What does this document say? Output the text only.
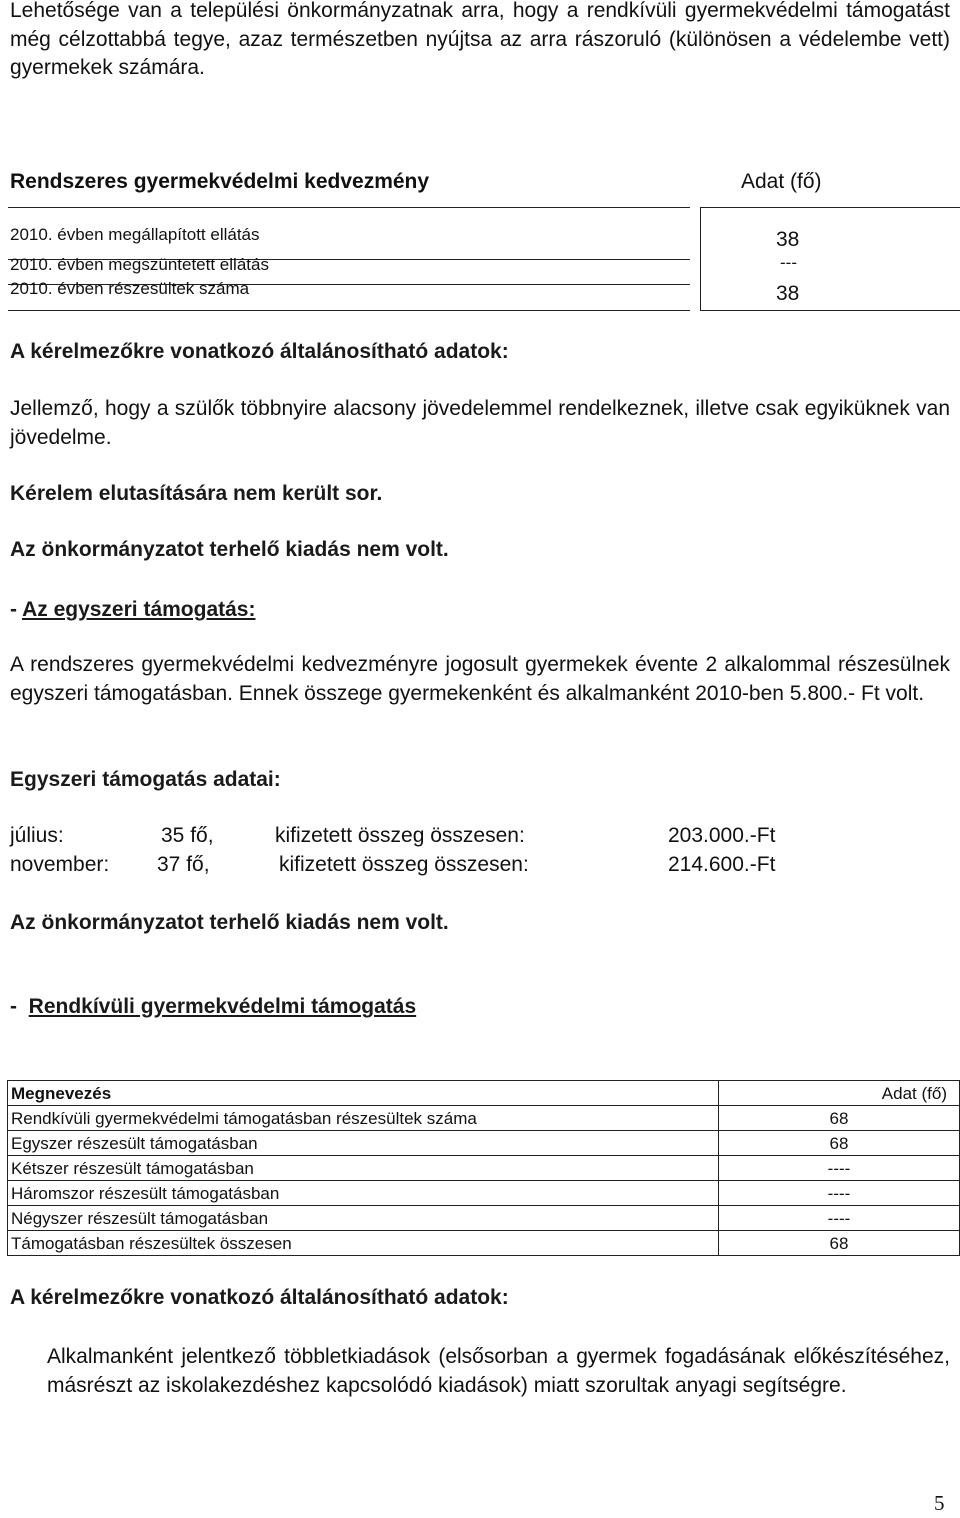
Lehetősége van a települési önkormányzatnak arra, hogy a rendkívüli gyermekvédelmi támogatást még célzottabbá tegye, azaz természetben nyújtsa az arra rászoruló (különösen a védelembe vett) gyermekek számára.

Rendszeres gyermekvédelmi kedvezmény	Adat (fő)
2010. évben megállapított ellátás	38
2010. évben megszüntetett ellátás	---
2010. évben részesültek száma	38
A kérelmezőkre vonatkozó általánosítható adatok:

Jellemző, hogy a szülők többnyire alacsony jövedelemmel rendelkeznek, illetve csak egyiküknek van jövedelme.

Kérelem elutasítására nem került sor.
Az önkormányzatot terhelő kiadás nem volt.
- Az egyszeri támogatás:

A rendszeres gyermekvédelmi kedvezményre jogosult gyermekek évente 2 alkalommal részesülnek egyszeri támogatásban. Ennek összege gyermekenként és alkalmanként 2010-ben 5.800.- Ft volt.

Egyszeri támogatás adatai:
július:	35 fő,	kifizetett összeg összesen:	203.000.-Ft
november: 37 fő,	kifizetett összeg összesen:	214.600.-Ft
Az önkormányzatot terhelő kiadás nem volt.
-  Rendkívüli gyermekvédelmi támogatás
Megnevezés	Adat (fő)
Rendkívüli gyermekvédelmi támogatásban részesültek száma	68
Egyszer részesült támogatásban	68
Kétszer részesült támogatásban	----
Háromszor részesült támogatásban	----
Négyszer részesült támogatásban	----
Támogatásban részesültek összesen	68
A kérelmezőkre vonatkozó általánosítható adatok:

Alkalmanként jelentkező többletkiadások (elsősorban a gyermek fogadásának előkészítéséhez, másrészt az iskolakezdéshez kapcsolódó kiadások) miatt szorultak anyagi segítségre.

5
